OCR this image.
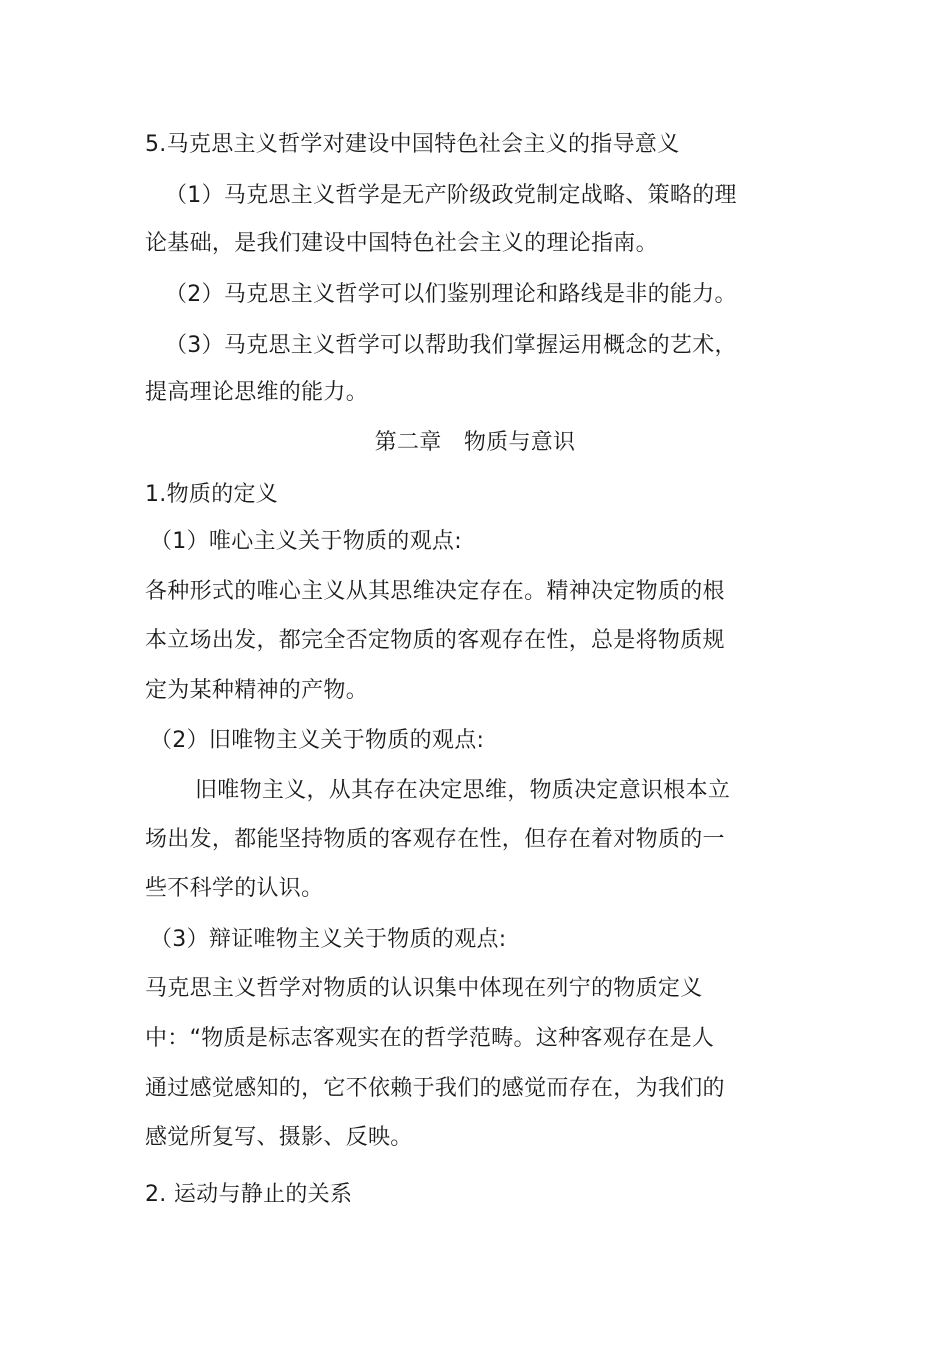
5.马克思主义哲学对建设中国特色社会主义的指导意义
（1）马克思主义哲学是无产阶级政党制定战略、策略的理
论基础，是我们建设中国特色社会主义的理论指南。
（2）马克思主义哲学可以们鉴别理论和路线是非的能力。
（3）马克思主义哲学可以帮助我们掌握运用概念的艺术，
提高理论思维的能力。
第二章　物质与意识
1.物质的定义
（1）唯心主义关于物质的观点:
各种形式的唯心主义从其思维决定存在。精神决定物质的根
本立场出发，都完全否定物质的客观存在性，总是将物质规
定为某种精神的产物。
（2）旧唯物主义关于物质的观点:
旧唯物主义，从其存在决定思维，物质决定意识根本立
场出发，都能坚持物质的客观存在性，但存在着对物质的一
些不科学的认识。
（3）辩证唯物主义关于物质的观点:
马克思主义哲学对物质的认识集中体现在列宁的物质定义
中：“物质是标志客观实在的哲学范畴。这种客观存在是人
通过感觉感知的，它不依赖于我们的感觉而存在，为我们的
感觉所复写、摄影、反映。
2. 运动与静止的关系
